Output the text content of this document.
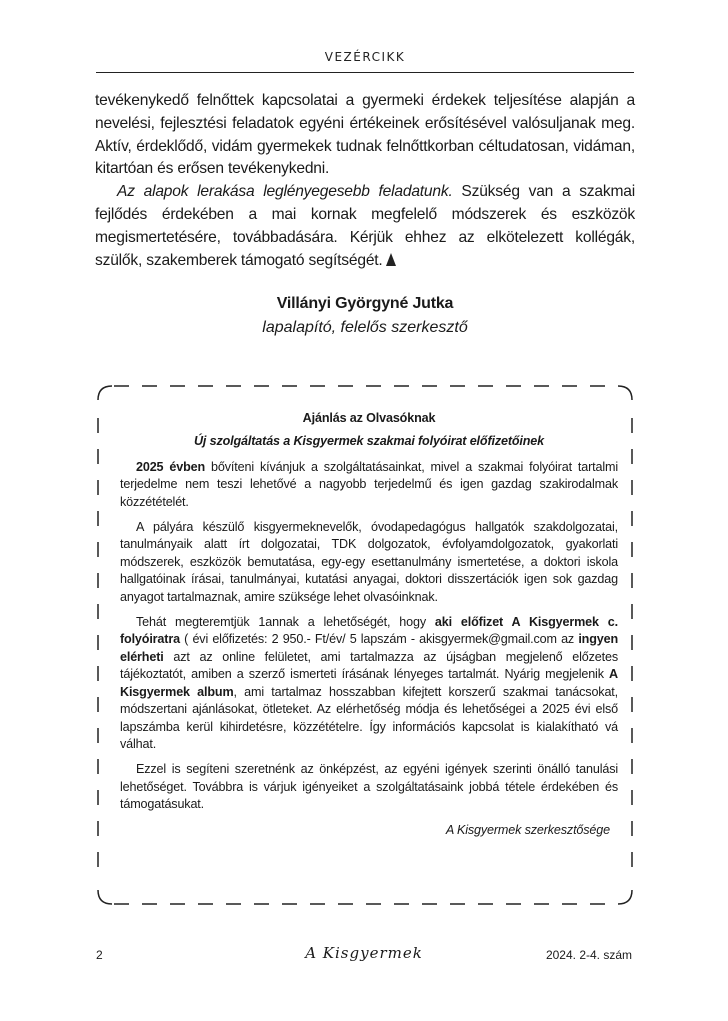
VEZÉRCIKK

tevékenykedő felnőttek kapcsolatai a gyermeki érdekek teljesítése alapján a nevelési, fejlesztési feladatok egyéni értékeinek erősítésével valósuljanak meg. Aktív, érdeklődő, vidám gyermekek tudnak felnőttkorban céltudatosan, vidáman, kitartóan és erősen tevékenykedni.

Az alapok lerakása leglényegesebb feladatunk. Szükség van a szakmai fejlődés érdekében a mai kornak megfelelő módszerek és eszközök megismertetésére, továbbadására. Kérjük ehhez az elkötelezett kollégák, szülők, szakemberek támogató segítségét.

Villányi Györgyné Jutka
lapalapító, felelős szerkesztő
Ajánlás az Olvasóknak
Új szolgáltatás a Kisgyermek szakmai folyóirat előfizetőinek

2025 évben bővíteni kívánjuk a szolgáltatásainkat, mivel a szakmai folyóirat tartalmi terjedelme nem teszi lehetővé a nagyobb terjedelmű és igen gazdag szakirodalmak közzétételét.

A pályára készülő kisgyermeknevelők, óvodapedagógus hallgatók szakdolgozatai, tanulmányaik alatt írt dolgozatai, TDK dolgozatok, évfolyamdolgozatok, gyakorlati módszerek, eszközök bemutatása, egy-egy esettanulmány ismertetése, a doktori iskola hallgatóinak írásai, tanulmányai, kutatási anyagai, doktori disszertációk igen sok gazdag anyagot tartalmaznak, amire szüksége lehet olvasóinknak.

Tehát megteremtjük 1annak a lehetőségét, hogy aki előfizet A Kisgyermek c. folyóiratra ( évi előfizetés: 2 950.- Ft/év/ 5 lapszám - akisgyermek@gmail.com az ingyen elérheti azt az online felületet, ami tartalmazza az újságban megjelenő előzetes tájékoztatót, amiben a szerző ismerteti írásának lényeges tartalmát. Nyárig megjelenik A Kisgyermek album, ami tartalmaz hosszabban kifejtett korszerű szakmai tanácsokat, módszertani ajánlásokat, ötleteket. Az elérhetőség módja és lehetőségei a 2025 évi első lapszámba kerül kihirdetésre, közzétételre. Így információs kapcsolat is kialakítható vá válhat.

Ezzel is segíteni szeretnénk az önképzést, az egyéni igények szerinti önálló tanulási lehetőséget. Továbbra is várjuk igényeiket a szolgáltatásaink jobbá tétele érdekében és támogatásukat.

A Kisgyermek szerkesztősége

2	A Kisgyermek	2024. 2-4. szám
